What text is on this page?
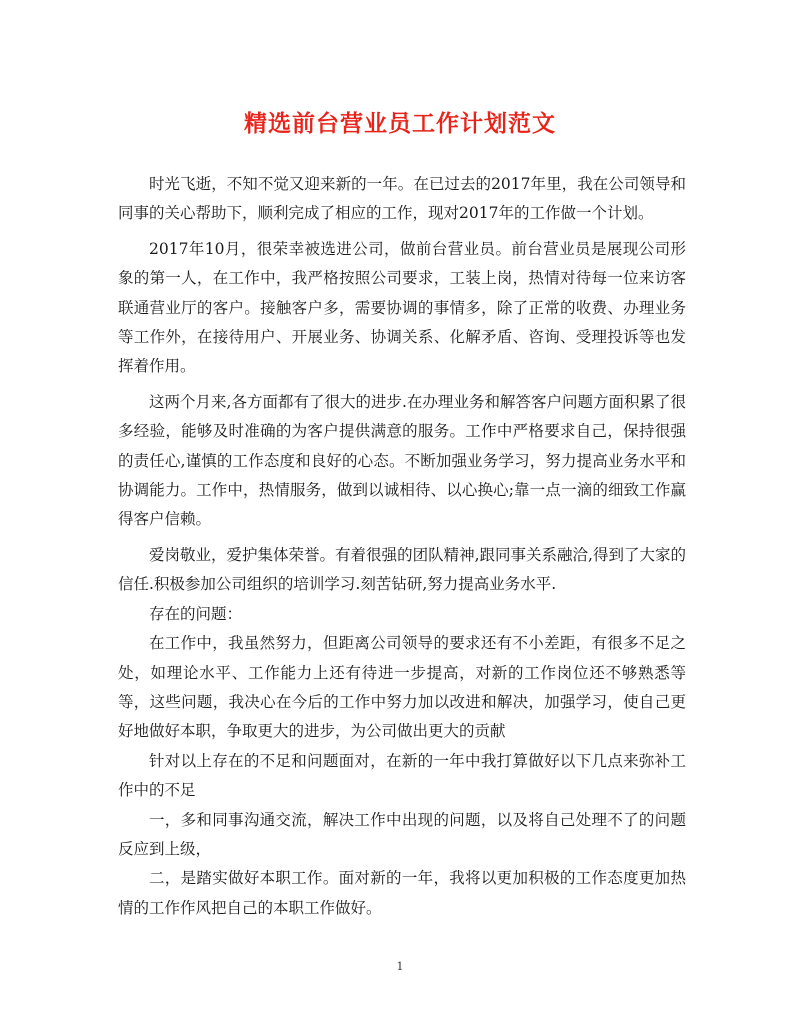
精选前台营业员工作计划范文

时光飞逝，不知不觉又迎来新的一年。在已过去的2017年里，我在公司领导和同事的关心帮助下，顺利完成了相应的工作，现对2017年的工作做一个计划。

2017年10月，很荣幸被选进公司，做前台营业员。前台营业员是展现公司形象的第一人，在工作中，我严格按照公司要求，工装上岗，热情对待每一位来访客联通营业厅的客户。接触客户多，需要协调的事情多，除了正常的收费、办理业务等工作外，在接待用户、开展业务、协调关系、化解矛盾、咨询、受理投诉等也发挥着作用。

这两个月来,各方面都有了很大的进步.在办理业务和解答客户问题方面积累了很多经验，能够及时准确的为客户提供满意的服务。工作中严格要求自己，保持很强的责任心,谨慎的工作态度和良好的心态。不断加强业务学习，努力提高业务水平和协调能力。工作中，热情服务，做到以诚相待、以心换心;靠一点一滴的细致工作赢得客户信赖。

爱岗敬业，爱护集体荣誉。有着很强的团队精神,跟同事关系融洽,得到了大家的信任.积极参加公司组织的培训学习.刻苦钻研,努力提高业务水平.

存在的问题：

在工作中，我虽然努力，但距离公司领导的要求还有不小差距，有很多不足之处，如理论水平、工作能力上还有待进一步提高，对新的工作岗位还不够熟悉等等，这些问题，我决心在今后的工作中努力加以改进和解决，加强学习，使自己更好地做好本职，争取更大的进步，为公司做出更大的贡献

针对以上存在的不足和问题面对，在新的一年中我打算做好以下几点来弥补工作中的不足

一，多和同事沟通交流，解决工作中出现的问题，以及将自己处理不了的问题反应到上级，

二，是踏实做好本职工作。面对新的一年，我将以更加积极的工作态度更加热情的工作作风把自己的本职工作做好。

1
